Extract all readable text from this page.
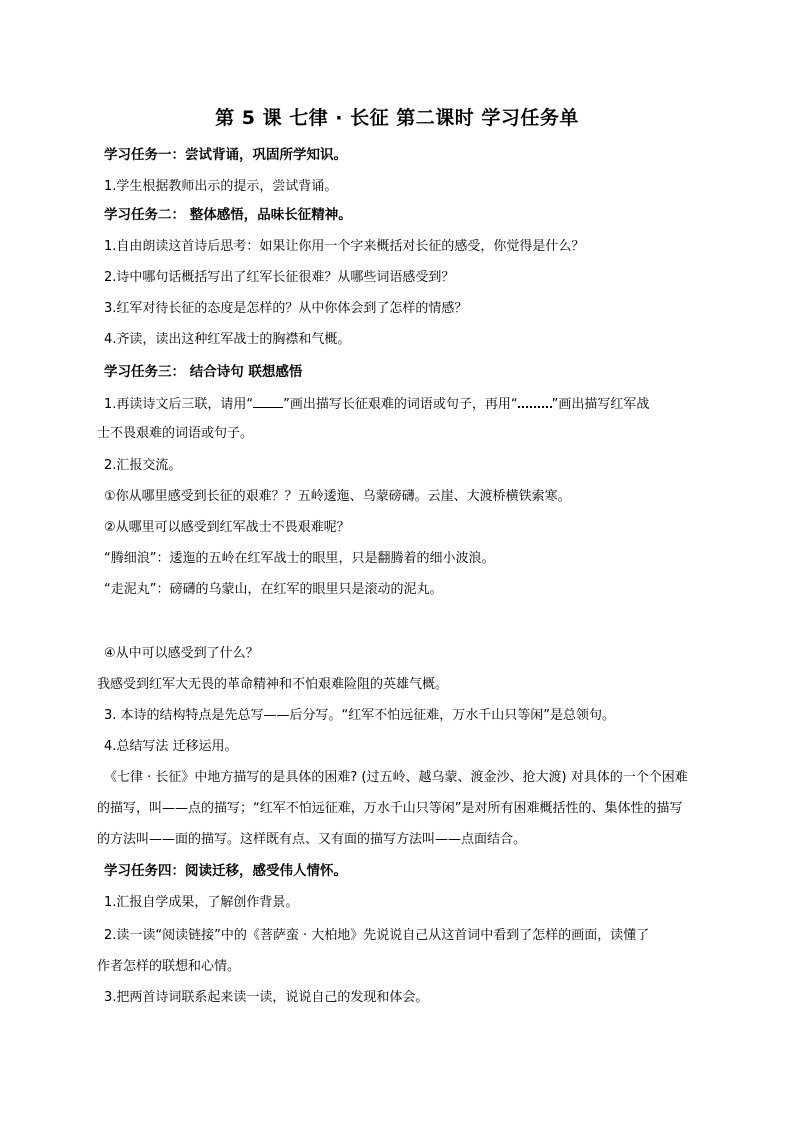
第 5 课 七律 · 长征 第二课时 学习任务单
学习任务一：尝试背诵，巩固所学知识。
1.学生根据教师出示的提示，尝试背诵。
学习任务二： 整体感悟，品味长征精神。
1.自由朗读这首诗后思考：如果让你用一个字来概括对长征的感受，你觉得是什么？
2.诗中哪句话概括写出了红军长征很难？从哪些词语感受到？
3.红军对待长征的态度是怎样的？从中你体会到了怎样的情感？
4.齐读，读出这种红军战士的胸襟和气概。
学习任务三： 结合诗句 联想感悟
1.再读诗文后三联，请用“ ”画出描写长征艰难的词语或句子，再用“	”画出描写红军战
士不畏艰难的词语或句子。
2.汇报交流。
①你从哪里感受到长征的艰难？？五岭逶迤、乌蒙磅礴。云崖、大渡桥横铁索寒。
②从哪里可以感受到红军战士不畏艰难呢？
“腾细浪”：逶迤的五岭在红军战士的眼里，只是翻腾着的细小波浪。
“走泥丸”：磅礴的乌蒙山，在红军的眼里只是滚动的泥丸。
④从中可以感受到了什么？
我感受到红军大无畏的革命精神和不怕艰难险阻的英雄气概。
3. 本诗的结构特点是先总写——后分写。“红军不怕远征难，万水千山只等闲”是总领句。
4.总结写法 迁移运用。
《七律 · 长征》中地方描写的是具体的困难? (过五岭、越乌蒙、渡金沙、抢大渡) 对具体的一个个困难
的描写，叫——点的描写；“红军不怕远征难，万水千山只等闲”是对所有困难概括性的、集体性的描写
的方法叫——面的描写。这样既有点、又有面的描写方法叫——点面结合。
学习任务四：阅读迁移，感受伟人情怀。
1.汇报自学成果，了解创作背景。
2.读一读“阅读链接”中的《菩萨蛮 · 大柏地》先说说自己从这首词中看到了怎样的画面，读懂了
作者怎样的联想和心情。
3.把两首诗词联系起来读一读，说说自己的发现和体会。
